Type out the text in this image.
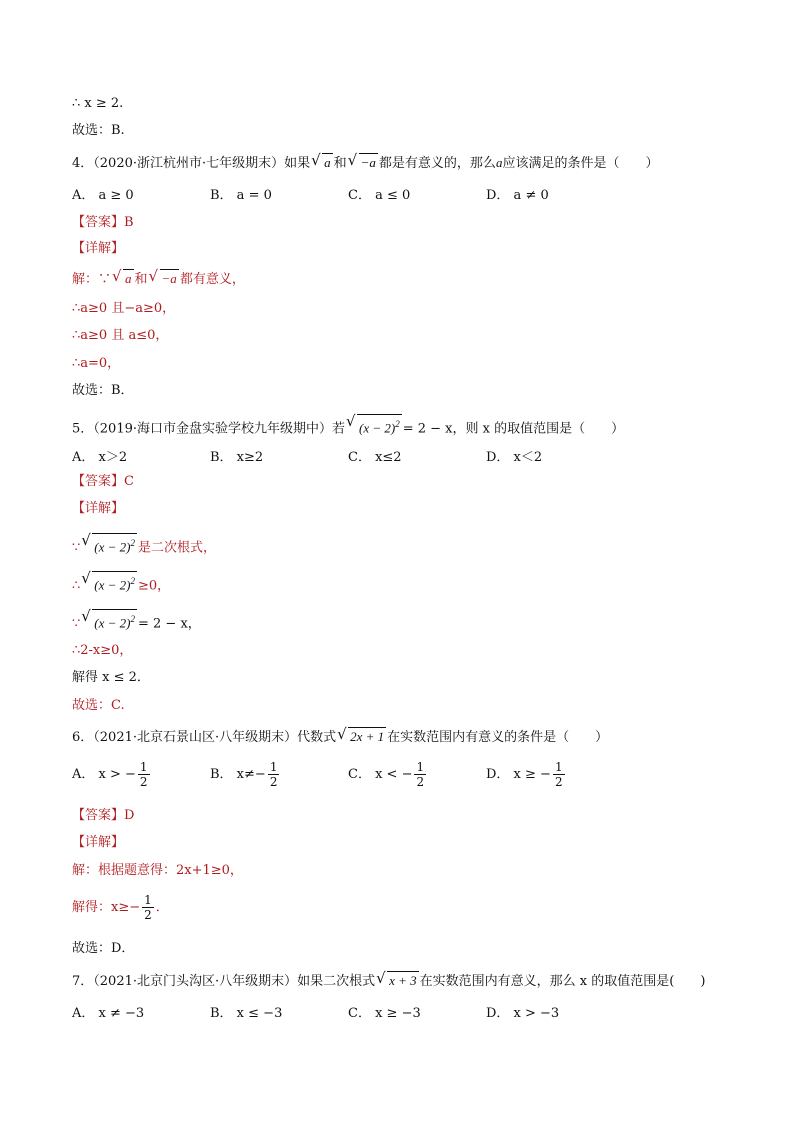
∴ x ≥ 2.
故选：B.
4．（2020·浙江杭州市·七年级期末）如果 √ a 和 √ −a 都是有意义的，那么a应该满足的条件是（　　）
A． a ≥ 0	B． a = 0	C． a ≤ 0	D． a ≠ 0
【答案】B
【详解】
解：∵ √ a 和 √ −a 都有意义，
∴a≥0 且−a≥0，
∴a≥0 且 a≤0，
∴a=0，
故选：B．
5．（2019·海口市金盘实验学校九年级期中）若 √ $(x - 2)^2 = 2 - x$，则 x 的取值范围是（　　）
A． x＞2	B． x≥2	C． x≤2	D． x＜2
【答案】C
【详解】
∵ √ $(x - 2)^2$ 是二次根式，
∴ √ $(x - 2)^2 \ge 0$，
∵ √ $(x - 2)^2 = 2 - x$，
∴2-x≥0，
解得 x ≤ 2．
故选：C.
6．（2021·北京石景山区·八年级期末）代数式 √ 2x + 1 在实数范围内有意义的条件是（　　）
A． x > − $\frac{1}{2}$	B． $x\ne- \frac{1}{2}$	C． x < − $\frac{1}{2}$	D． x ≥ − $\frac{1}{2}$
【答案】D
【详解】
解：根据题意得：2x+1≥0，
解得：$x\ge- \frac{1}{2}$ ．
故选：D．
7．（2021·北京门头沟区·八年级期末）如果二次根式 √ x + 3 在实数范围内有意义，那么 x 的取值范围是(　　)
A． x ≠ −3	B． x ≤ −3	C． x ≥ −3	D． x > −3
